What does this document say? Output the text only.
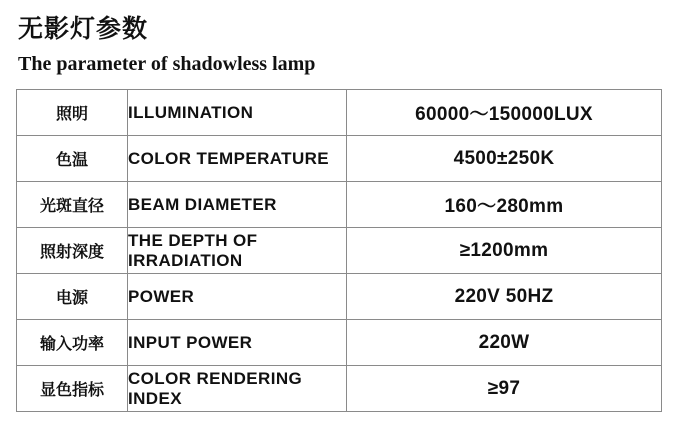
无影灯参数
The parameter of shadowless lamp
照明	ILLUMINATION	60000～150000LUX
色温	COLOR TEMPERATURE	4500±250K
光斑直径	BEAM DIAMETER	160～280mm
照射深度	THE DEPTH OF IRRADIATION	≥1200mm
电源	POWER	220V 50HZ
输入功率	INPUT POWER	220W
显色指标	COLOR RENDERING INDEX	≥97
